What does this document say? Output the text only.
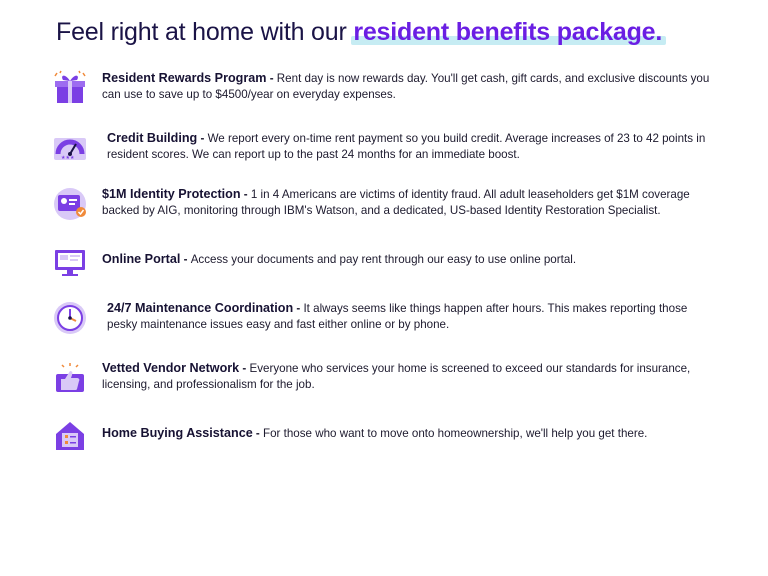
Feel right at home with our resident benefits package.
Resident Rewards Program - Rent day is now rewards day. You'll get cash, gift cards, and exclusive discounts you can use to save up to $4500/year on everyday expenses.
★★★
Credit Building - We report every on-time rent payment so you build credit. Average increases of 23 to 42 points in resident scores. We can report up to the past 24 months for an immediate boost.
$1M Identity Protection - 1 in 4 Americans are victims of identity fraud. All adult leaseholders get $1M coverage backed by AIG, monitoring through IBM's Watson, and a dedicated, US-based Identity Restoration Specialist.
Online Portal - Access your documents and pay rent through our easy to use online portal.
24/7 Maintenance Coordination - It always seems like things happen after hours. This makes reporting those pesky maintenance issues easy and fast either online or by phone.
Vetted Vendor Network - Everyone who services your home is screened to exceed our standards for insurance, licensing, and professionalism for the job.
Home Buying Assistance - For those who want to move onto homeownership, we'll help you get there.
